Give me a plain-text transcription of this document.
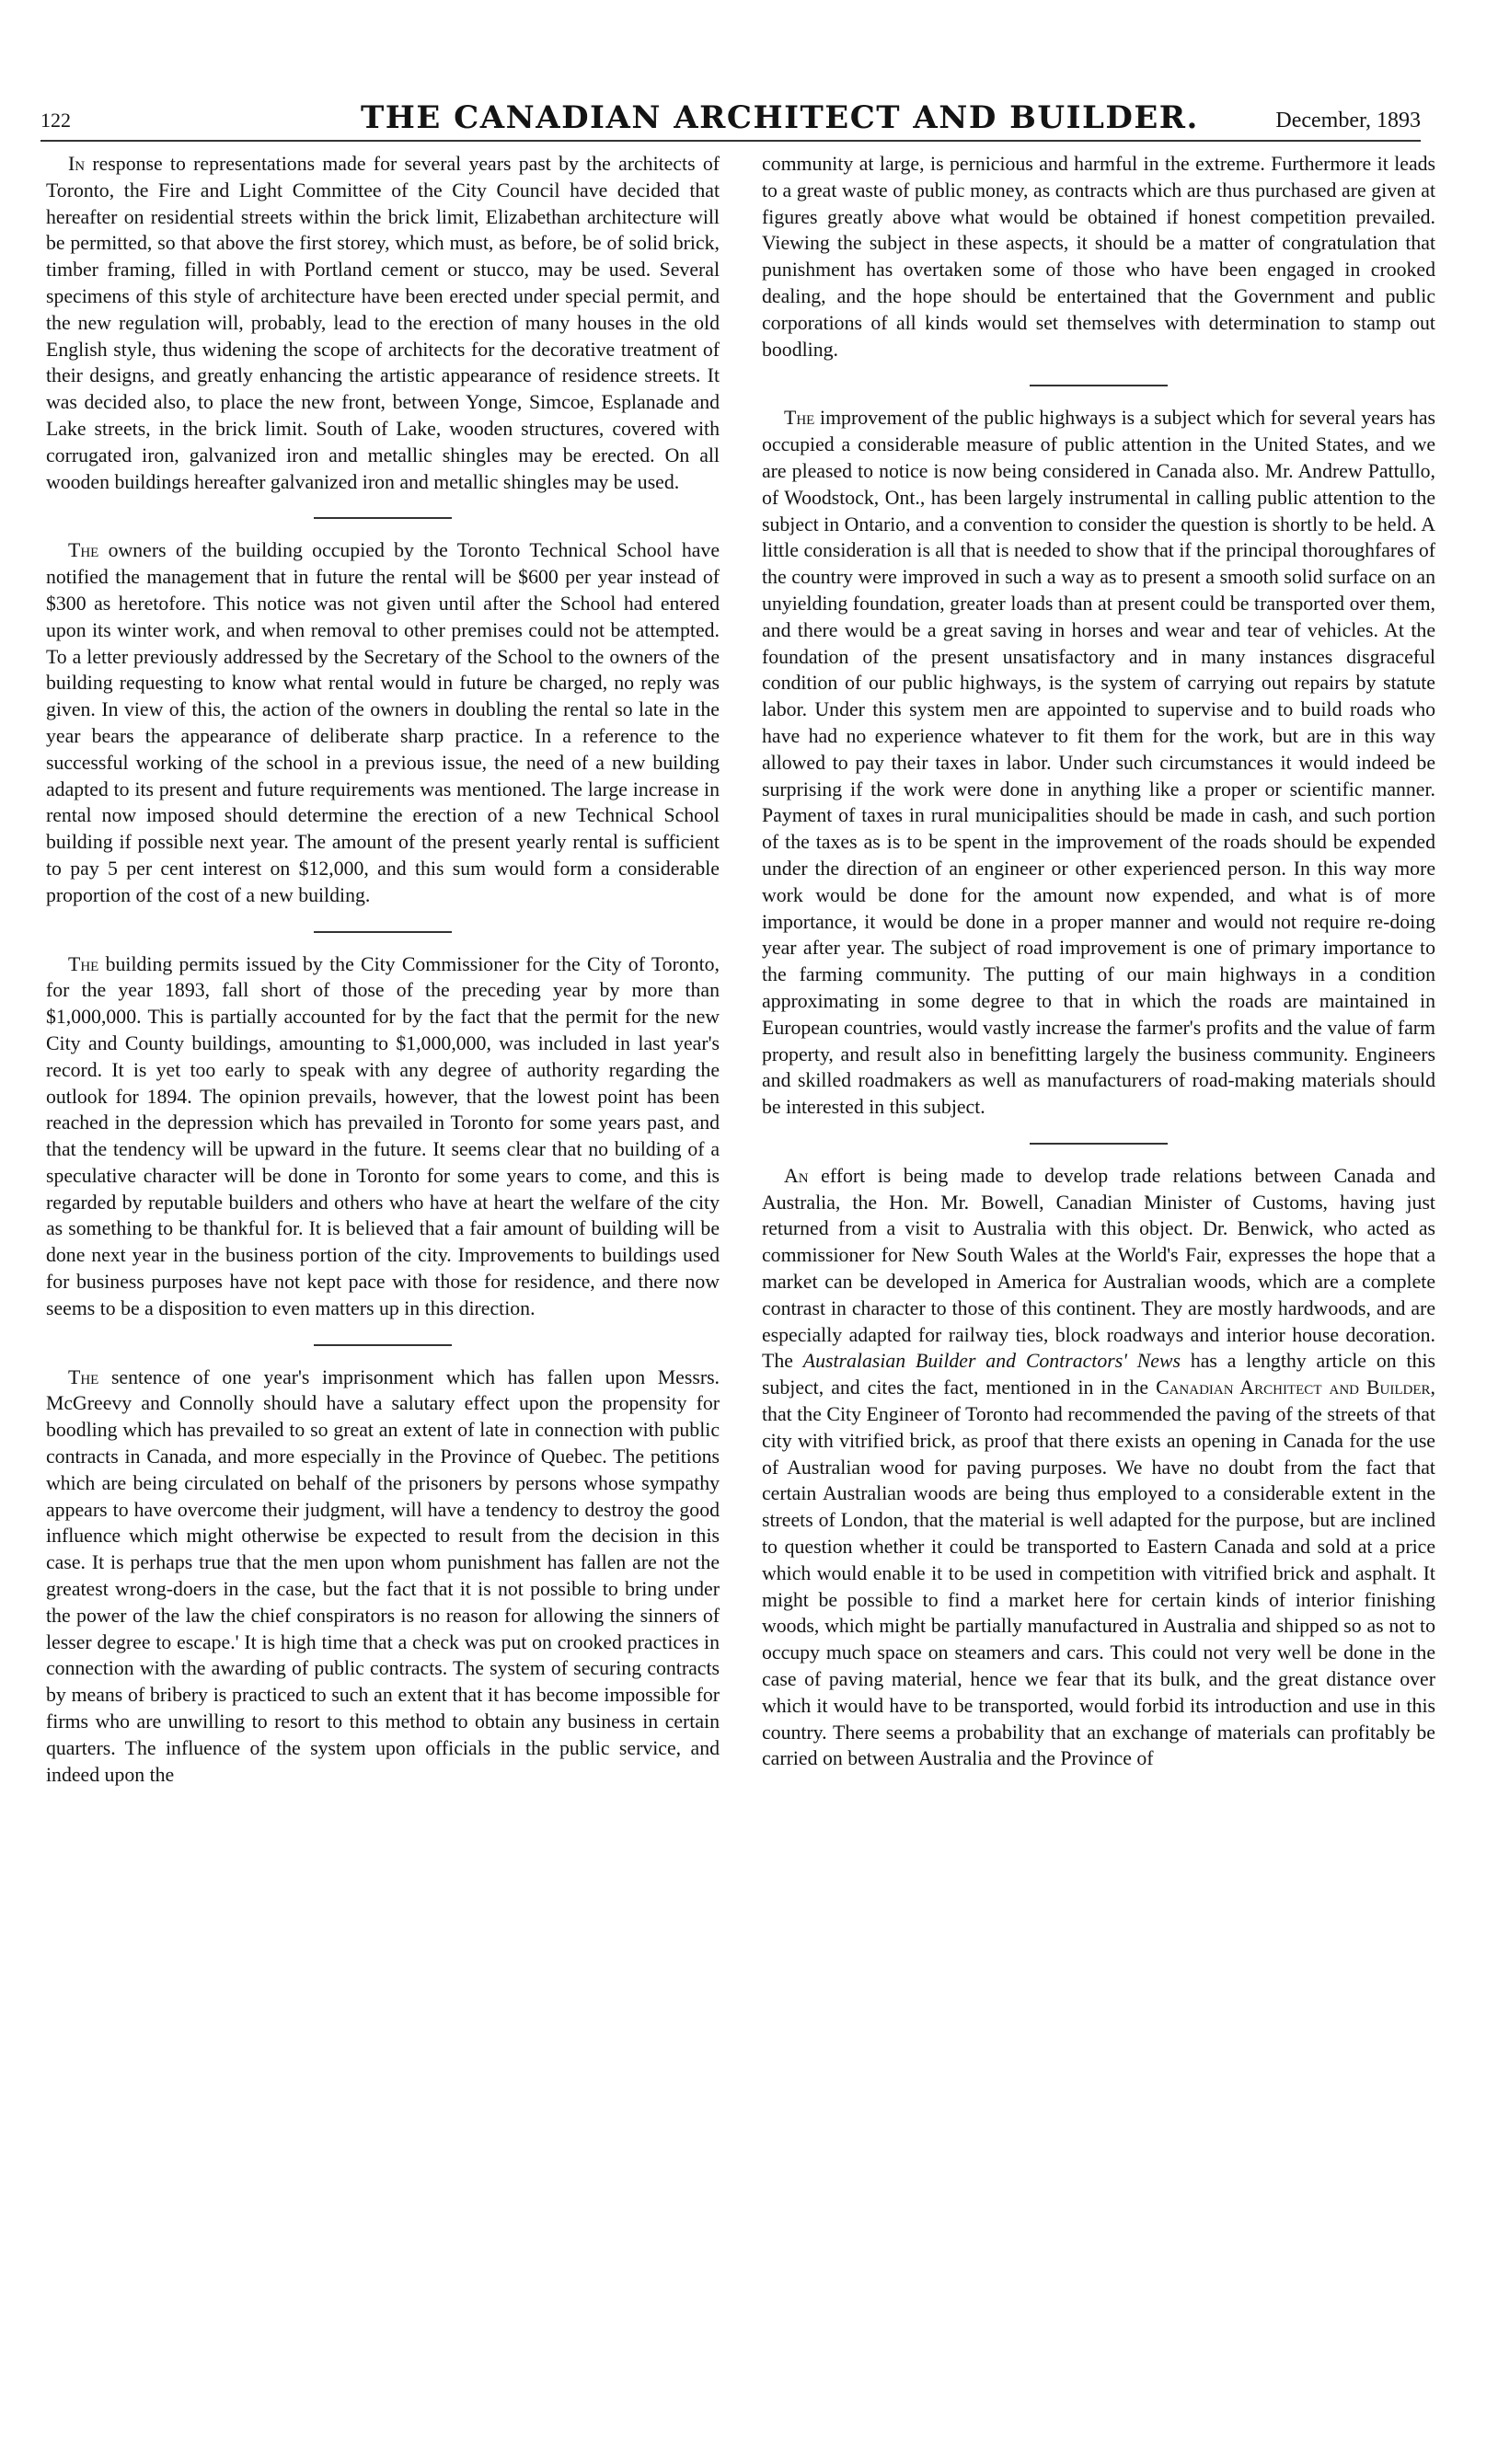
122	THE CANADIAN ARCHITECT AND BUILDER.	December, 1893

In response to representations made for several years past by the architects of Toronto, the Fire and Light Committee of the City Council have decided that hereafter on residential streets within the brick limit, Elizabethan architecture will be permitted, so that above the first storey, which must, as before, be of solid brick, timber framing, filled in with Portland cement or stucco, may be used. Several specimens of this style of architecture have been erected under special permit, and the new regulation will, probably, lead to the erection of many houses in the old English style, thus widening the scope of architects for the decorative treatment of their designs, and greatly enhancing the artistic appearance of residence streets. It was decided also, to place the new front, between Yonge, Simcoe, Esplanade and Lake streets, in the brick limit. South of Lake, wooden structures, covered with corrugated iron, galvanized iron and metallic shingles may be erected. On all wooden buildings hereafter galvanized iron and metallic shingles may be used.

The owners of the building occupied by the Toronto Technical School have notified the management that in future the rental will be $600 per year instead of $300 as heretofore. This notice was not given until after the School had entered upon its winter work, and when removal to other premises could not be attempted. To a letter previously addressed by the Secretary of the School to the owners of the building requesting to know what rental would in future be charged, no reply was given. In view of this, the action of the owners in doubling the rental so late in the year bears the appearance of deliberate sharp practice. In a reference to the successful working of the school in a previous issue, the need of a new building adapted to its present and future requirements was mentioned. The large increase in rental now imposed should determine the erection of a new Technical School building if possible next year. The amount of the present yearly rental is sufficient to pay 5 per cent interest on $12,000, and this sum would form a considerable proportion of the cost of a new building.

The building permits issued by the City Commissioner for the City of Toronto, for the year 1893, fall short of those of the preceding year by more than $1,000,000. This is partially accounted for by the fact that the permit for the new City and County buildings, amounting to $1,000,000, was included in last year's record. It is yet too early to speak with any degree of authority regarding the outlook for 1894. The opinion prevails, however, that the lowest point has been reached in the depression which has prevailed in Toronto for some years past, and that the tendency will be upward in the future. It seems clear that no building of a speculative character will be done in Toronto for some years to come, and this is regarded by reputable builders and others who have at heart the welfare of the city as something to be thankful for. It is believed that a fair amount of building will be done next year in the business portion of the city. Improvements to buildings used for business purposes have not kept pace with those for residence, and there now seems to be a disposition to even matters up in this direction.

The sentence of one year's imprisonment which has fallen upon Messrs. McGreevy and Connolly should have a salutary effect upon the propensity for boodling which has prevailed to so great an extent of late in connection with public contracts in Canada, and more especially in the Province of Quebec. The petitions which are being circulated on behalf of the prisoners by persons whose sympathy appears to have overcome their judgment, will have a tendency to destroy the good influence which might otherwise be expected to result from the decision in this case. It is perhaps true that the men upon whom punishment has fallen are not the greatest wrong-doers in the case, but the fact that it is not possible to bring under the power of the law the chief conspirators is no reason for allowing the sinners of lesser degree to escape.' It is high time that a check was put on crooked practices in connection with the awarding of public contracts. The system of securing contracts by means of bribery is practiced to such an extent that it has become impossible for firms who are unwilling to resort to this method to obtain any business in certain quarters. The influence of the system upon officials in the public service, and indeed upon the

community at large, is pernicious and harmful in the extreme. Furthermore it leads to a great waste of public money, as contracts which are thus purchased are given at figures greatly above what would be obtained if honest competition prevailed. Viewing the subject in these aspects, it should be a matter of congratulation that punishment has overtaken some of those who have been engaged in crooked dealing, and the hope should be entertained that the Government and public corporations of all kinds would set themselves with determination to stamp out boodling.

The improvement of the public highways is a subject which for several years has occupied a considerable measure of public attention in the United States, and we are pleased to notice is now being considered in Canada also. Mr. Andrew Pattullo, of Woodstock, Ont., has been largely instrumental in calling public attention to the subject in Ontario, and a convention to consider the question is shortly to be held. A little consideration is all that is needed to show that if the principal thoroughfares of the country were improved in such a way as to present a smooth solid surface on an unyielding foundation, greater loads than at present could be transported over them, and there would be a great saving in horses and wear and tear of vehicles. At the foundation of the present unsatisfactory and in many instances disgraceful condition of our public highways, is the system of carrying out repairs by statute labor. Under this system men are appointed to supervise and to build roads who have had no experience whatever to fit them for the work, but are in this way allowed to pay their taxes in labor. Under such circumstances it would indeed be surprising if the work were done in anything like a proper or scientific manner. Payment of taxes in rural municipalities should be made in cash, and such portion of the taxes as is to be spent in the improvement of the roads should be expended under the direction of an engineer or other experienced person. In this way more work would be done for the amount now expended, and what is of more importance, it would be done in a proper manner and would not require re-doing year after year. The subject of road improvement is one of primary importance to the farming community. The putting of our main highways in a condition approximating in some degree to that in which the roads are maintained in European countries, would vastly increase the farmer's profits and the value of farm property, and result also in benefitting largely the business community. Engineers and skilled roadmakers as well as manufacturers of road-making materials should be interested in this subject.

An effort is being made to develop trade relations between Canada and Australia, the Hon. Mr. Bowell, Canadian Minister of Customs, having just returned from a visit to Australia with this object. Dr. Benwick, who acted as commissioner for New South Wales at the World's Fair, expresses the hope that a market can be developed in America for Australian woods, which are a complete contrast in character to those of this continent. They are mostly hardwoods, and are especially adapted for railway ties, block roadways and interior house decoration. The Australasian Builder and Contractors' News has a lengthy article on this subject, and cites the fact, mentioned in in the Canadian Architect and Builder, that the City Engineer of Toronto had recommended the paving of the streets of that city with vitrified brick, as proof that there exists an opening in Canada for the use of Australian wood for paving purposes. We have no doubt from the fact that certain Australian woods are being thus employed to a considerable extent in the streets of London, that the material is well adapted for the purpose, but are inclined to question whether it could be transported to Eastern Canada and sold at a price which would enable it to be used in competition with vitrified brick and asphalt. It might be possible to find a market here for certain kinds of interior finishing woods, which might be partially manufactured in Australia and shipped so as not to occupy much space on steamers and cars. This could not very well be done in the case of paving material, hence we fear that its bulk, and the great distance over which it would have to be transported, would forbid its introduction and use in this country. There seems a probability that an exchange of materials can profitably be carried on between Australia and the Province of
